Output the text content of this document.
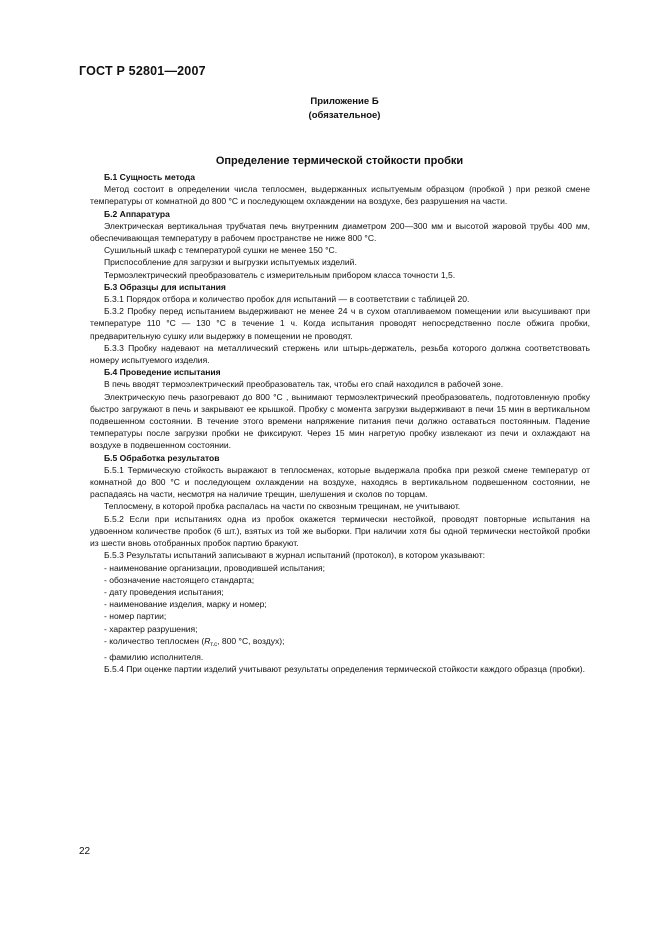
ГОСТ Р 52801—2007
Приложение Б
(обязательное)
Определение термической стойкости пробки

Б.1 Сущность метода

Метод состоит в определении числа теплосмен, выдержанных испытуемым образцом (пробкой ) при резкой смене температуры от комнатной до 800 °С и последующем охлаждении на воздухе, без разрушения на части.

Б.2 Аппаратура

Электрическая вертикальная трубчатая печь внутренним диаметром 200—300 мм и высотой жаровой трубы 400 мм, обеспечивающая температуру в рабочем пространстве не ниже 800 °С.

Сушильный шкаф с температурой сушки не менее 150 °С.

Приспособление для загрузки и выгрузки испытуемых изделий.

Термоэлектрический преобразователь с измерительным прибором класса точности 1,5.

Б.3 Образцы для испытания

Б.3.1 Порядок отбора и количество пробок для испытаний — в соответствии с таблицей 20.

Б.3.2 Пробку перед испытанием выдерживают не менее 24 ч в сухом отапливаемом помещении или высушивают при температуре 110 °С — 130 °С в течение 1 ч. Когда испытания проводят непосредственно после обжига пробки, предварительную сушку или выдержку в помещении не проводят.

Б.3.3 Пробку надевают на металлический стержень или штырь-держатель, резьба которого должна соответствовать номеру испытуемого изделия.

Б.4 Проведение испытания

В печь вводят термоэлектрический преобразователь так, чтобы его спай находился в рабочей зоне.

Электрическую печь разогревают до 800 °С , вынимают термоэлектрический преобразователь, подготовленную пробку быстро загружают в печь и закрывают ее крышкой. Пробку с момента загрузки выдерживают в печи 15 мин в вертикальном подвешенном состоянии. В течение этого времени напряжение питания печи должно оставаться постоянным. Падение температуры после загрузки пробки не фиксируют. Через 15 мин нагретую пробку извлекают из печи и охлаждают на воздухе в подвешенном состоянии.

Б.5 Обработка результатов

Б.5.1 Термическую стойкость выражают в теплосменах, которые выдержала пробка при резкой смене температур от комнатной до 800 °С и последующем охлаждении на воздухе, находясь в вертикальном подвешенном состоянии, не распадаясь на части, несмотря на наличие трещин, шелушения и сколов по торцам.

Теплосмену, в которой пробка распалась на части по сквозным трещинам, не учитывают.

Б.5.2 Если при испытаниях одна из пробок окажется термически нестойкой, проводят повторные испытания на удвоенном количестве пробок (6 шт.), взятых из той же выборки. При наличии хотя бы одной термически нестойкой пробки из шести вновь отобранных пробок партию бракуют.

Б.5.3 Результаты испытаний записывают в журнал испытаний (протокол), в котором указывают:

- наименование организации, проводившей испытания;

- обозначение настоящего стандарта;

- дату проведения испытания;

- наименование изделия, марку и номер;

- номер партии;

- характер разрушения;

- количество теплосмен ($R_{т.с}$, 800 °С, воздух);

- фамилию исполнителя.

Б.5.4 При оценке партии изделий учитывают результаты определения термической стойкости каждого образца (пробки).

22
